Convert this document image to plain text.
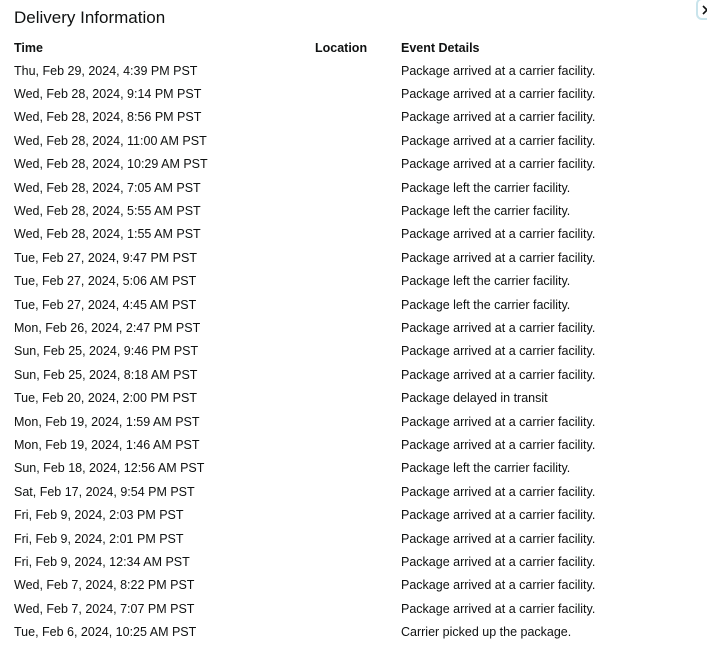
Delivery Information
Time	Location	Event Details
Thu, Feb 29, 2024, 4:39 PM PST		Package arrived at a carrier facility.
Wed, Feb 28, 2024, 9:14 PM PST		Package arrived at a carrier facility.
Wed, Feb 28, 2024, 8:56 PM PST		Package arrived at a carrier facility.
Wed, Feb 28, 2024, 11:00 AM PST		Package arrived at a carrier facility.
Wed, Feb 28, 2024, 10:29 AM PST		Package arrived at a carrier facility.
Wed, Feb 28, 2024, 7:05 AM PST		Package left the carrier facility.
Wed, Feb 28, 2024, 5:55 AM PST		Package left the carrier facility.
Wed, Feb 28, 2024, 1:55 AM PST		Package arrived at a carrier facility.
Tue, Feb 27, 2024, 9:47 PM PST		Package arrived at a carrier facility.
Tue, Feb 27, 2024, 5:06 AM PST		Package left the carrier facility.
Tue, Feb 27, 2024, 4:45 AM PST		Package left the carrier facility.
Mon, Feb 26, 2024, 2:47 PM PST		Package arrived at a carrier facility.
Sun, Feb 25, 2024, 9:46 PM PST		Package arrived at a carrier facility.
Sun, Feb 25, 2024, 8:18 AM PST		Package arrived at a carrier facility.
Tue, Feb 20, 2024, 2:00 PM PST		Package delayed in transit
Mon, Feb 19, 2024, 1:59 AM PST		Package arrived at a carrier facility.
Mon, Feb 19, 2024, 1:46 AM PST		Package arrived at a carrier facility.
Sun, Feb 18, 2024, 12:56 AM PST		Package left the carrier facility.
Sat, Feb 17, 2024, 9:54 PM PST		Package arrived at a carrier facility.
Fri, Feb 9, 2024, 2:03 PM PST		Package arrived at a carrier facility.
Fri, Feb 9, 2024, 2:01 PM PST		Package arrived at a carrier facility.
Fri, Feb 9, 2024, 12:34 AM PST		Package arrived at a carrier facility.
Wed, Feb 7, 2024, 8:22 PM PST		Package arrived at a carrier facility.
Wed, Feb 7, 2024, 7:07 PM PST		Package arrived at a carrier facility.
Tue, Feb 6, 2024, 10:25 AM PST		Carrier picked up the package.
